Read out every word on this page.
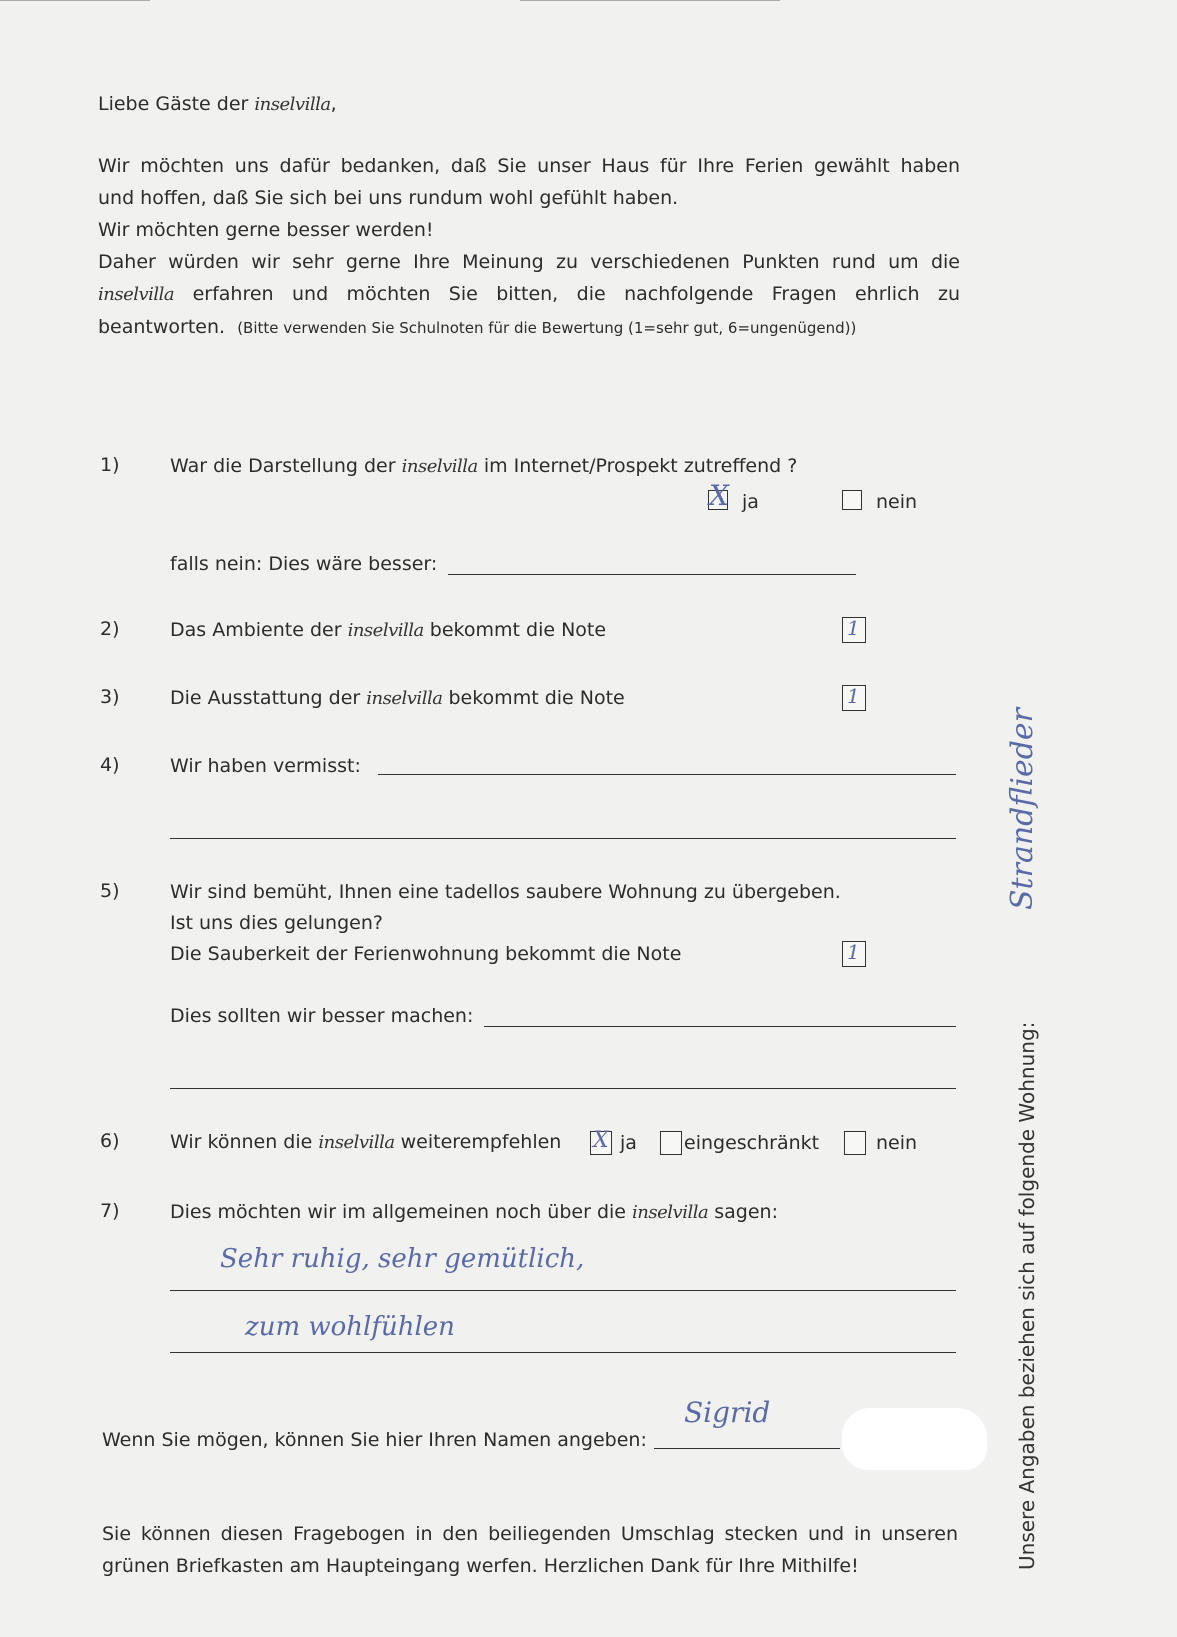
Liebe Gäste der inselvilla,

Wir möchten uns dafür bedanken, daß Sie unser Haus für Ihre Ferien gewählt haben

und hoffen, daß Sie sich bei uns rundum wohl gefühlt haben.

Wir möchten gerne besser werden!

Daher würden wir sehr gerne Ihre Meinung zu verschiedenen Punkten rund um die

inselvilla erfahren und möchten Sie bitten, die nachfolgende Fragen ehrlich zu

beantworten. (Bitte verwenden Sie Schulnoten für die Bewertung (1=sehr gut, 6=ungenügend))

1)	War die Darstellung der inselvilla im Internet/Prospekt zutreffend ?
X ja	nein
falls nein: Dies wäre besser:
2)	Das Ambiente der inselvilla bekommt die Note	1
3)	Die Ausstattung der inselvilla bekommt die Note	1
4)	Wir haben vermisst:
5)	Wir sind bemüht, Ihnen eine tadellos saubere Wohnung zu übergeben.
Ist uns dies gelungen?
Die Sauberkeit der Ferienwohnung bekommt die Note	1
Dies sollten wir besser machen:
6)	Wir können die inselvilla weiterempfehlen X ja eingeschränkt	nein
7)	Dies möchten wir im allgemeinen noch über die inselvilla sagen:
Sehr ruhig, sehr gemütlich,
zum wohlfühlen
Wenn Sie mögen, können Sie hier Ihren Namen angeben:
Sigrid
Sie können diesen Fragebogen in den beiliegenden Umschlag stecken und in unseren
grünen Briefkasten am Haupteingang werfen. Herzlichen Dank für Ihre Mithilfe!	Unsere Angaben beziehen sich auf folgende Wohnung:
Strandflieder
